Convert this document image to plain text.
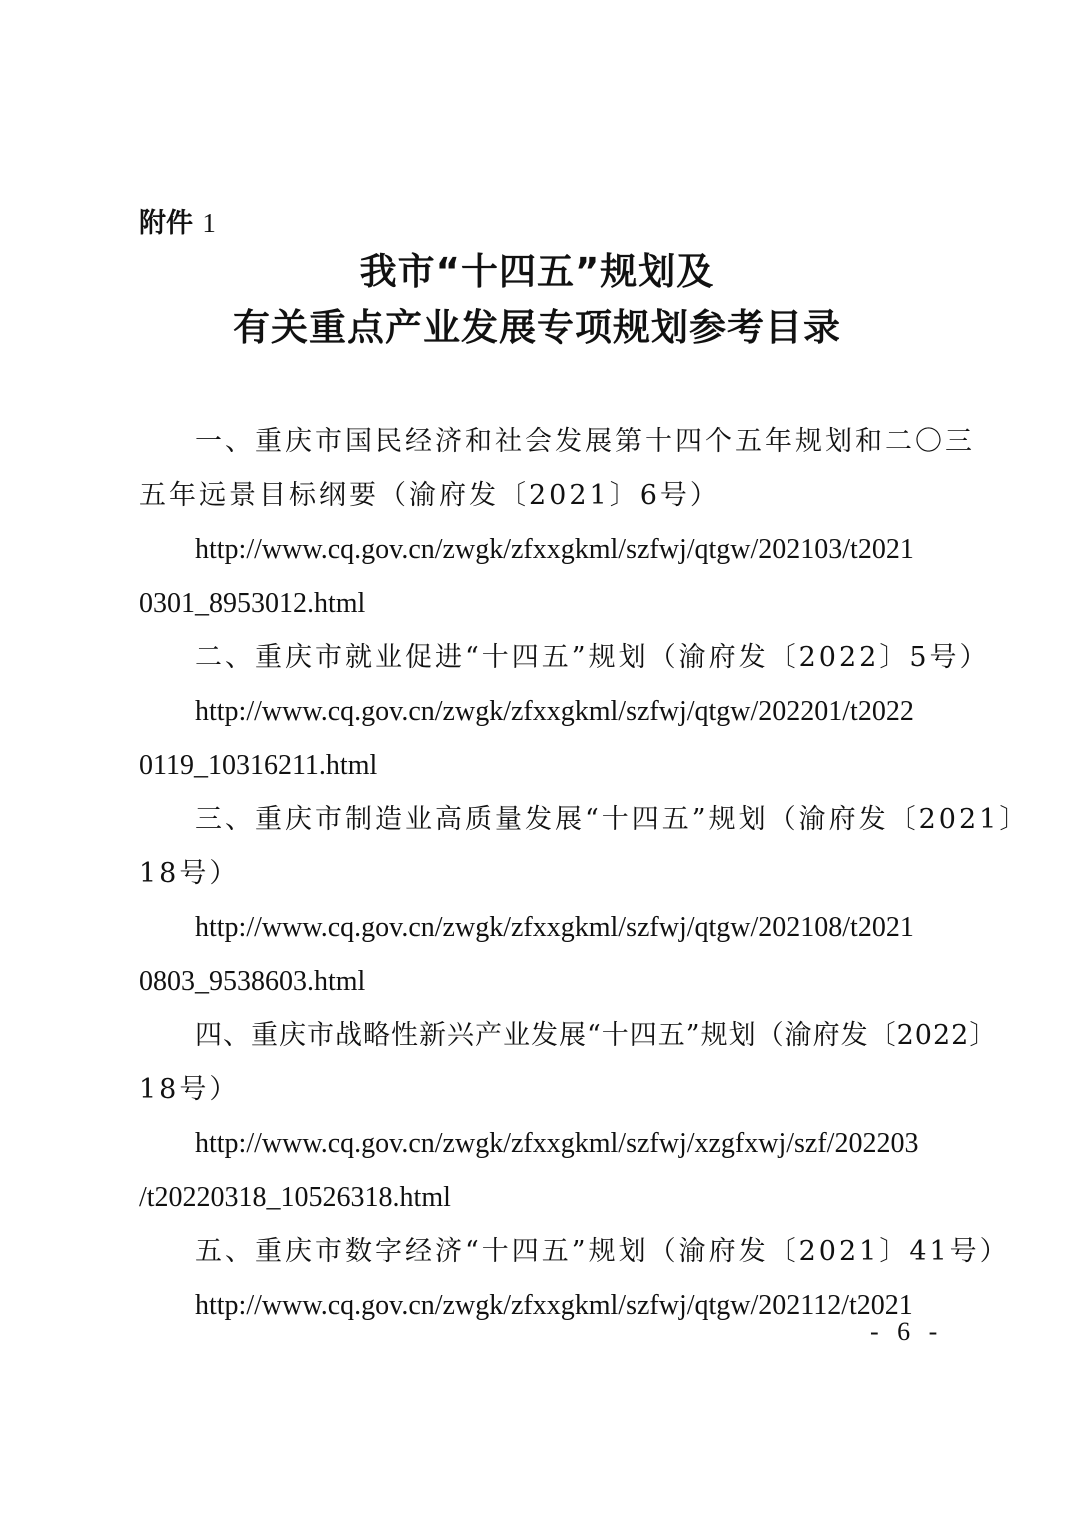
附件 1
我市“十四五”规划及
有关重点产业发展专项规划参考目录
一、重庆市国民经济和社会发展第十四个五年规划和二〇三
五年远景目标纲要（渝府发〔2021〕6号）
http://www.cq.gov.cn/zwgk/zfxxgkml/szfwj/qtgw/202103/t2021
0301_8953012.html
二、重庆市就业促进“十四五”规划（渝府发〔2022〕5号）
http://www.cq.gov.cn/zwgk/zfxxgkml/szfwj/qtgw/202201/t2022
0119_10316211.html
三、重庆市制造业高质量发展“十四五”规划（渝府发〔2021〕
18号）
http://www.cq.gov.cn/zwgk/zfxxgkml/szfwj/qtgw/202108/t2021
0803_9538603.html
四、重庆市战略性新兴产业发展“十四五”规划（渝府发〔2022〕
18号）
http://www.cq.gov.cn/zwgk/zfxxgkml/szfwj/xzgfxwj/szf/202203
/t20220318_10526318.html
五、重庆市数字经济“十四五”规划（渝府发〔2021〕41号）
http://www.cq.gov.cn/zwgk/zfxxgkml/szfwj/qtgw/202112/t2021
- 6 -
